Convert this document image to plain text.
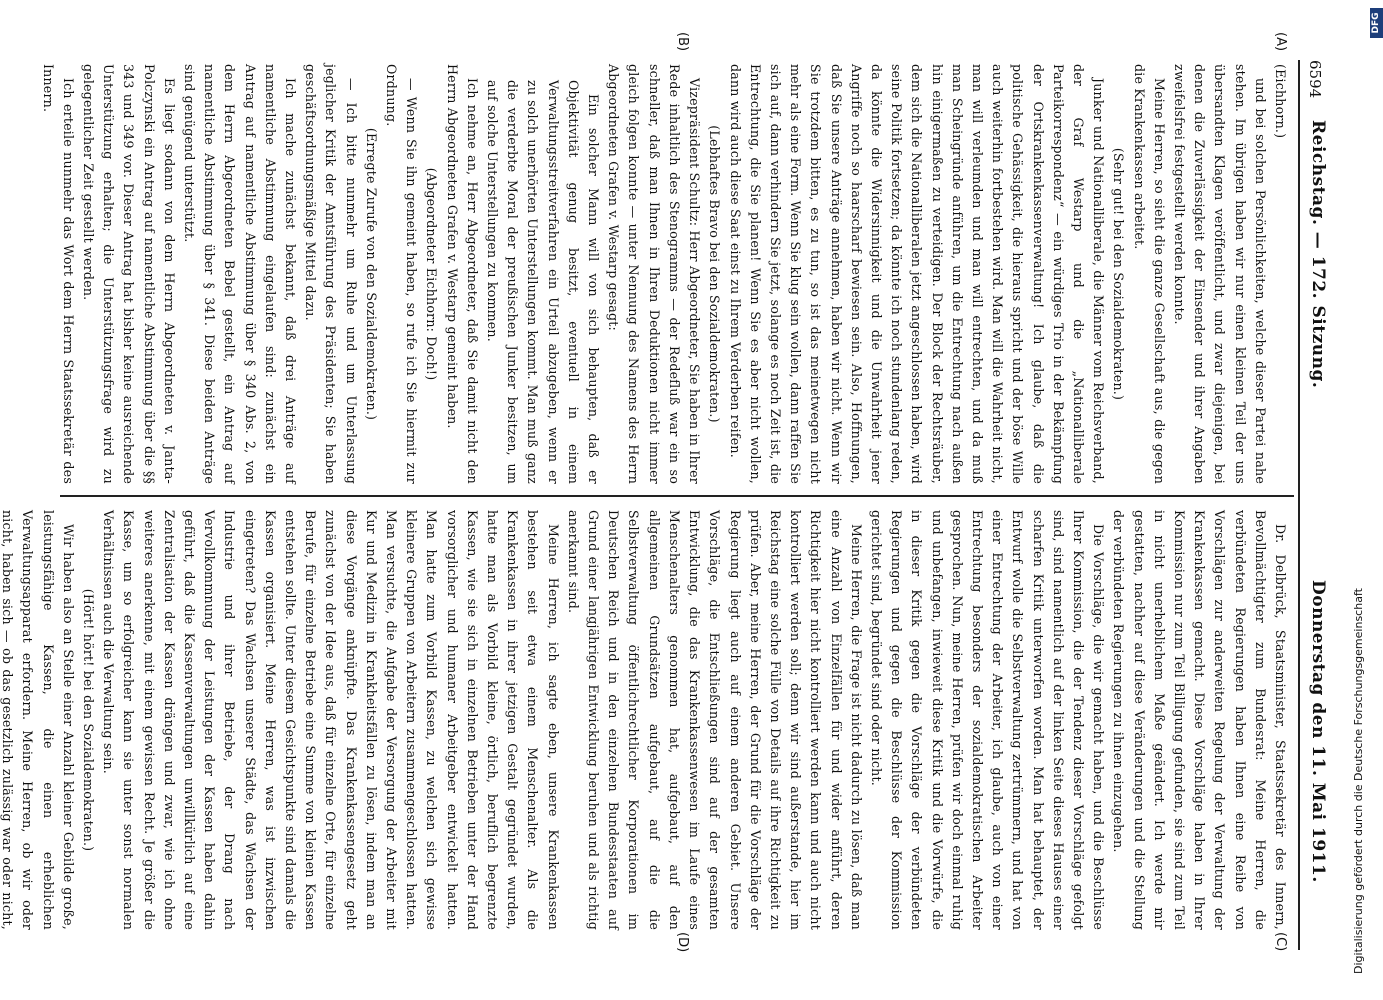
6594
Reichstag. — 172. Sitzung.
Donnerstag den 11. Mai 1911.
(A)
(B)
(C)
(D)

(Eichhorn.)

und bei solchen Persönlichkeiten, welche dieser Partei nahe stehen. Im übrigen haben wir nur einen kleinen Teil der uns übersandten Klagen veröffentlicht, und zwar diejenigen, bei denen die Zuverlässigkeit der Einsender und ihrer Angaben zweifelsfrei festgestellt werden konnte.

Meine Herren, so sieht die ganze Gesellschaft aus, die gegen die Krankenkassen arbeitet.

(Sehr gut! bei den Sozialdemokraten.)

Junker und Nationalliberale, die Männer vom Reichsverband, der Graf Westarp und die „Nationalliberale Parteikorrespondenz“ — ein würdiges Trio in der Bekämpfung der Ortskrankenkassenverwaltung! Ich glaube, daß die politische Gehässigkeit, die hieraus spricht und der böse Wille auch weiterhin fortbestehen wird. Man will die Wahrheit nicht, man will verleumden und man will entrechten, und da muß man Scheingründe anführen, um die Entrechtung nach außen hin einigermaßen zu verteidigen. Der Block der Rechtsräuber, dem sich die Nationalliberalen jetzt angeschlossen haben, wird seine Politik fortsetzen; da könnte ich noch stundenlang reden, da könnte die Widersinnigkeit und die Unwahrheit jener Angriffe noch so haarscharf bewiesen sein. Also, Hoffnungen, daß Sie unsere Anträge annehmen, haben wir nicht. Wenn wir Sie trotzdem bitten, es zu tun, so ist das meinetwegen nicht mehr als eine Form. Wenn Sie klug sein wollen, dann raffen Sie sich auf, dann verhindern Sie jetzt, solange es noch Zeit ist, die Entrechtung, die Sie planen! Wenn Sie es aber nicht wollen, dann wird auch diese Saat einst zu Ihrem Verderben reifen.

(Lebhaftes Bravo bei den Sozialdemokraten.)

Vizepräsident Schultz: Herr Abgeordneter, Sie haben in Ihrer Rede inhaltlich des Stenogramms — der Redefluß war ein so schneller, daß man Ihnen in Ihren Deduktionen nicht immer gleich folgen konnte — unter Nennung des Namens des Herrn Abgeordneten Grafen v. Westarp gesagt:

Ein solcher Mann will von sich behaupten, daß er Objektivität genug besitzt, eventuell in einem Verwaltungsstreitverfahren ein Urteil abzugeben, wenn er zu solch unerhörten Unterstellungen kommt. Man muß ganz die verderbte Moral der preußischen Junker besitzen, um auf solche Unterstellungen zu kommen.

Ich nehme an, Herr Abgeordneter, daß Sie damit nicht den Herrn Abgeordneten Grafen v. Westarp gemeint haben.

(Abgeordneter Eichhorn: Doch!)

— Wenn Sie ihn gemeint haben, so rufe ich Sie hiermit zur Ordnung.

(Erregte Zurufe von den Sozialdemokraten.)

— Ich bitte nunmehr um Ruhe und um Unterlassung jeglicher Kritik der Amtsführung des Präsidenten; Sie haben geschäftsordnungsmäßige Mittel dazu.

Ich mache zunächst bekannt, daß drei Anträge auf namentliche Abstimmung eingelaufen sind: zunächst ein Antrag auf namentliche Abstimmung über § 340 Abs. 2, von dem Herrn Abgeordneten Bebel gestellt, ein Antrag auf namentliche Abstimmung über § 341. Diese beiden Anträge sind genügend unterstützt.

Es liegt sodann von dem Herrn Abgeordneten v. Janta-Polczynski ein Antrag auf namentliche Abstimmung über die §§ 343 und 349 vor. Dieser Antrag hat bisher keine ausreichende Unterstützung erhalten; die Unterstützungsfrage wird zu gelegentlicher Zeit gestellt werden.

Ich erteile nunmehr das Wort dem Herrn Staatssekretär des Innern.

Dr. Delbrück, Staatsminister, Staatssekretär des Innern, Bevollmächtigter zum Bundesrat: Meine Herren, die verbündeten Regierungen haben Ihnen eine Reihe von Vorschlägen zur anderweiten Regelung der Verwaltung der Krankenkassen gemacht. Diese Vorschläge haben in Ihrer Kommission nur zum Teil Billigung gefunden, sie sind zum Teil in nicht unerheblichem Maße geändert. Ich werde mir gestatten, nachher auf diese Veränderungen und die Stellung der verbündeten Regierungen zu ihnen einzugehen.

Die Vorschläge, die wir gemacht haben, und die Beschlüsse Ihrer Kommission, die der Tendenz dieser Vorschläge gefolgt sind, sind namentlich auf der linken Seite dieses Hauses einer scharfen Kritik unterworfen worden. Man hat behauptet, der Entwurf wolle die Selbstverwaltung zertrümmern, und hat von einer Entrechtung der Arbeiter, ich glaube, auch von einer Entrechtung besonders der sozialdemokratischen Arbeiter gesprochen. Nun, meine Herren, prüfen wir doch einmal ruhig und unbefangen, inwieweit diese Kritik und die Vorwürfe, die in dieser Kritik gegen die Vorschläge der verbündeten Regierungen und gegen die Beschlüsse der Kommission gerichtet sind, begründet sind oder nicht.

Meine Herren, die Frage ist nicht dadurch zu lösen, daß man eine Anzahl von Einzelfällen für und wider anführt, deren Richtigkeit hier nicht kontrolliert werden kann und auch nicht kontrolliert werden soll; denn wir sind außerstande, hier im Reichstag eine solche Fülle von Details auf ihre Richtigkeit zu prüfen. Aber, meine Herren, der Grund für die Vorschläge der Regierung liegt auch auf einem anderen Gebiet. Unsere Vorschläge, die Entschließungen sind auf der gesamten Entwicklung, die das Krankenkassenwesen im Laufe eines Menschenalters genommen hat, aufgebaut, auf den allgemeinen Grundsätzen aufgebaut, auf die die Selbstverwaltung öffentlichrechtlicher Korporationen im Deutschen Reich und in den einzelnen Bundesstaaten auf Grund einer langjährigen Entwicklung beruhen und als richtig anerkannt sind.

Meine Herren, ich sagte eben, unsere Krankenkassen bestehen seit etwa einem Menschenalter. Als die Krankenkassen in ihrer jetzigen Gestalt gegründet wurden, hatte man als Vorbild kleine, örtlich, beruflich begrenzte Kassen, wie sie sich in einzelnen Betrieben unter der Hand vorsorglicher und humaner Arbeitgeber entwickelt hatten. Man hatte zum Vorbild Kassen, zu welchen sich gewisse kleinere Gruppen von Arbeitern zusammengeschlossen hatten. Man versuchte, die Aufgabe der Versorgung der Arbeiter mit Kur und Medizin in Krankheitsfällen zu lösen, indem man an diese Vorgänge anknüpfte. Das Krankenkassengesetz geht zunächst von der Idee aus, daß für einzelne Orte, für einzelne Berufe, für einzelne Betriebe eine Summe von kleinen Kassen entstehen sollte. Unter diesem Gesichtspunkte sind damals die Kassen organisiert. Meine Herren, was ist inzwischen eingetreten? Das Wachsen unserer Städte, das Wachsen der Industrie und ihrer Betriebe, der Drang nach Vervollkommnung der Leistungen der Kassen haben dahin geführt, daß die Kassenverwaltungen unwillkürlich auf eine Zentralisation der Kassen drängen und zwar, wie ich ohne weiteres anerkenne, mit einem gewissen Recht. Je größer die Kasse, um so erfolgreicher kann sie unter sonst normalen Verhältnissen auch die Verwaltung sein.

(Hört! hört! bei den Sozialdemokraten.)

Wir haben also an Stelle einer Anzahl kleiner Gebilde große, leistungsfähige Kassen, die einen erheblichen Verwaltungsapparat erfordern. Meine Herren, ob wir oder nicht, haben sich — ob das gesetzlich zulässig war oder nicht,	Digitalisierung gefördert durch die Deutsche Forschungsgemeinschaft
DFG
